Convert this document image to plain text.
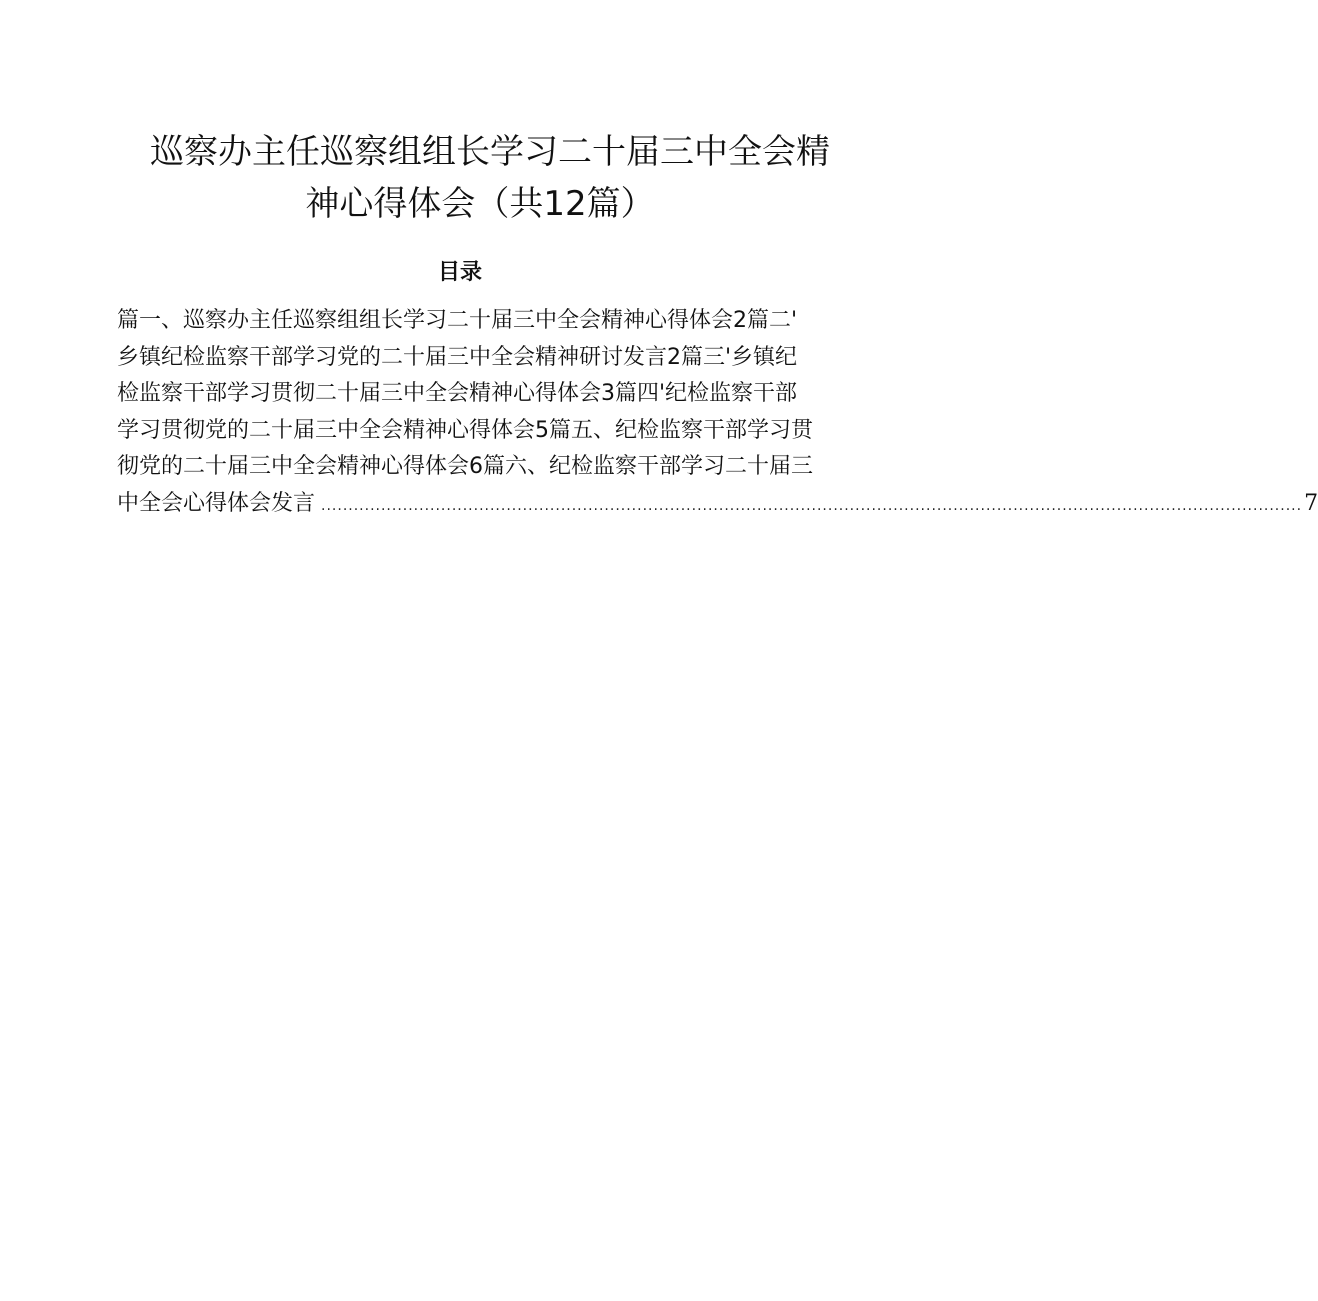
巡察办主任巡察组组长学习二十届三中全会精
神心得体会（共12篇）
目录
篇一、巡察办主任巡察组组长学习二十届三中全会精神心得体会2篇二'
乡镇纪检监察干部学习党的二十届三中全会精神研讨发言2篇三'乡镇纪
检监察干部学习贯彻二十届三中全会精神心得体会3篇四'纪检监察干部
学习贯彻党的二十届三中全会精神心得体会5篇五、纪检监察干部学习贯
彻党的二十届三中全会精神心得体会6篇六、纪检监察干部学习二十届三
中全会心得体会发言 .................................................................................................................................................................................... 7
